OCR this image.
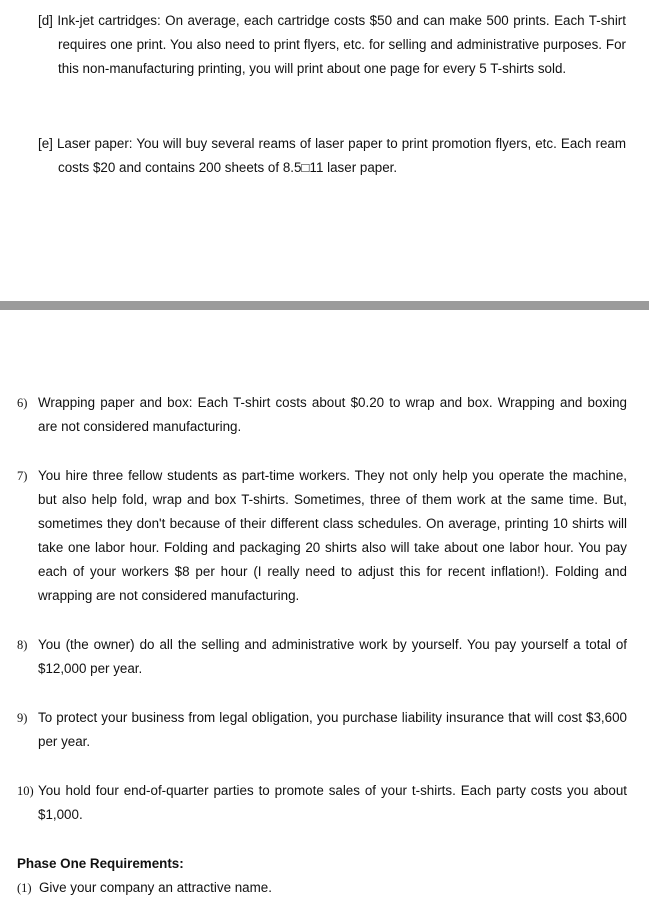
[d] Ink-jet cartridges: On average, each cartridge costs $50 and can make 500 prints. Each T-shirt requires one print. You also need to print flyers, etc. for selling and administrative purposes. For this non-manufacturing printing, you will print about one page for every 5 T-shirts sold.

[e] Laser paper: You will buy several reams of laser paper to print promotion flyers, etc. Each ream costs $20 and contains 200 sheets of 8.5□11 laser paper.

6) Wrapping paper and box: Each T-shirt costs about $0.20 to wrap and box. Wrapping and boxing are not considered manufacturing.
7) You hire three fellow students as part-time workers. They not only help you operate the machine, but also help fold, wrap and box T-shirts. Sometimes, three of them work at the same time. But, sometimes they don't because of their different class schedules. On average, printing 10 shirts will take one labor hour. Folding and packaging 20 shirts also will take about one labor hour. You pay each of your workers $8 per hour (I really need to adjust this for recent inflation!). Folding and wrapping are not considered manufacturing.
8) You (the owner) do all the selling and administrative work by yourself. You pay yourself a total of $12,000 per year.
9) To protect your business from legal obligation, you purchase liability insurance that will cost $3,600 per year.
10) You hold four end-of-quarter parties to promote sales of your t-shirts. Each party costs you about $1,000.
Phase One Requirements:
(1) Give your company an attractive name.
